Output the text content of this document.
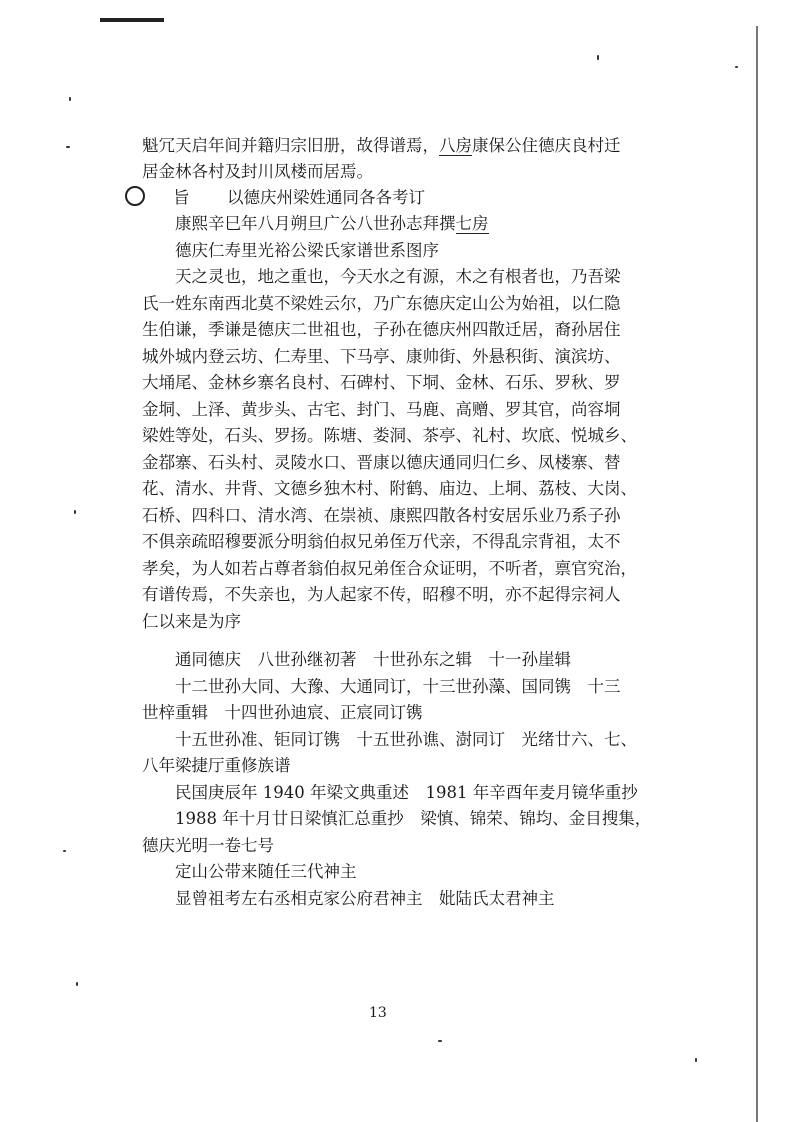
魁冗天启年间并籍归宗旧册，故得谱焉，八房康保公住德庆良村迁
居金林各村及封川凤楼而居焉。
旨 以德庆州梁姓通同各各考订
康熙辛巳年八月朔旦广公八世孙志拜撰七房
德庆仁寿里光裕公梁氏家谱世系图序
天之灵也，地之重也，今天水之有源，木之有根者也，乃吾梁
氏一姓东南西北莫不梁姓云尔，乃广东德庆定山公为始祖，以仁隐
生伯谦，季谦是德庆二世祖也，子孙在德庆州四散迁居，裔孙居住
城外城内登云坊、仁寿里、下马亭、康帅街、外悬积街、演滨坊、
大埇尾、金林乡寨名良村、石碑村、下垌、金林、石乐、罗秋、罗
金垌、上泽、黄步头、古宅、封门、马鹿、高赠、罗其官，尚容垌
梁姓等处，石头、罗扬。陈塘、娄洞、茶亭、礼村、坎底、悦城乡、
金鄀寨、石头村、灵陵水口、晋康以德庆通同归仁乡、凤楼寨、替
花、清水、井背、文德乡独木村、附鹤、庙边、上垌、荔枝、大岗、
石桥、四科口、清水湾、在崇祯、康熙四散各村安居乐业乃系子孙
不俱亲疏昭穆要派分明翁伯叔兄弟侄万代亲，不得乱宗背祖，太不
孝矣，为人如若占尊者翁伯叔兄弟侄合众证明，不听者，禀官究治，
有谱传焉，不失亲也，为人起家不传，昭穆不明，亦不起得宗祠人
仁以来是为序
通同德庆　八世孙继初著　十世孙东之辑　十一孙崖辑
十二世孙大同、大豫、大通同订，十三世孙藻、国同镌　十三
世梓重辑　十四世孙迪宸、正宸同订镌
十五世孙准、钜同订镌　十五世孙谯、澍同订　光绪廿六、七、
八年梁捷厅重修族谱
民国庚辰年 1940 年梁文典重述　1981 年辛酉年麦月镜华重抄
1988 年十月廿日梁慎汇总重抄　梁慎、锦荣、锦均、金目搜集，
德庆光明一卷七号
定山公带来随任三代神主
显曾祖考左右丞相克家公府君神主　妣陆氏太君神主
13
